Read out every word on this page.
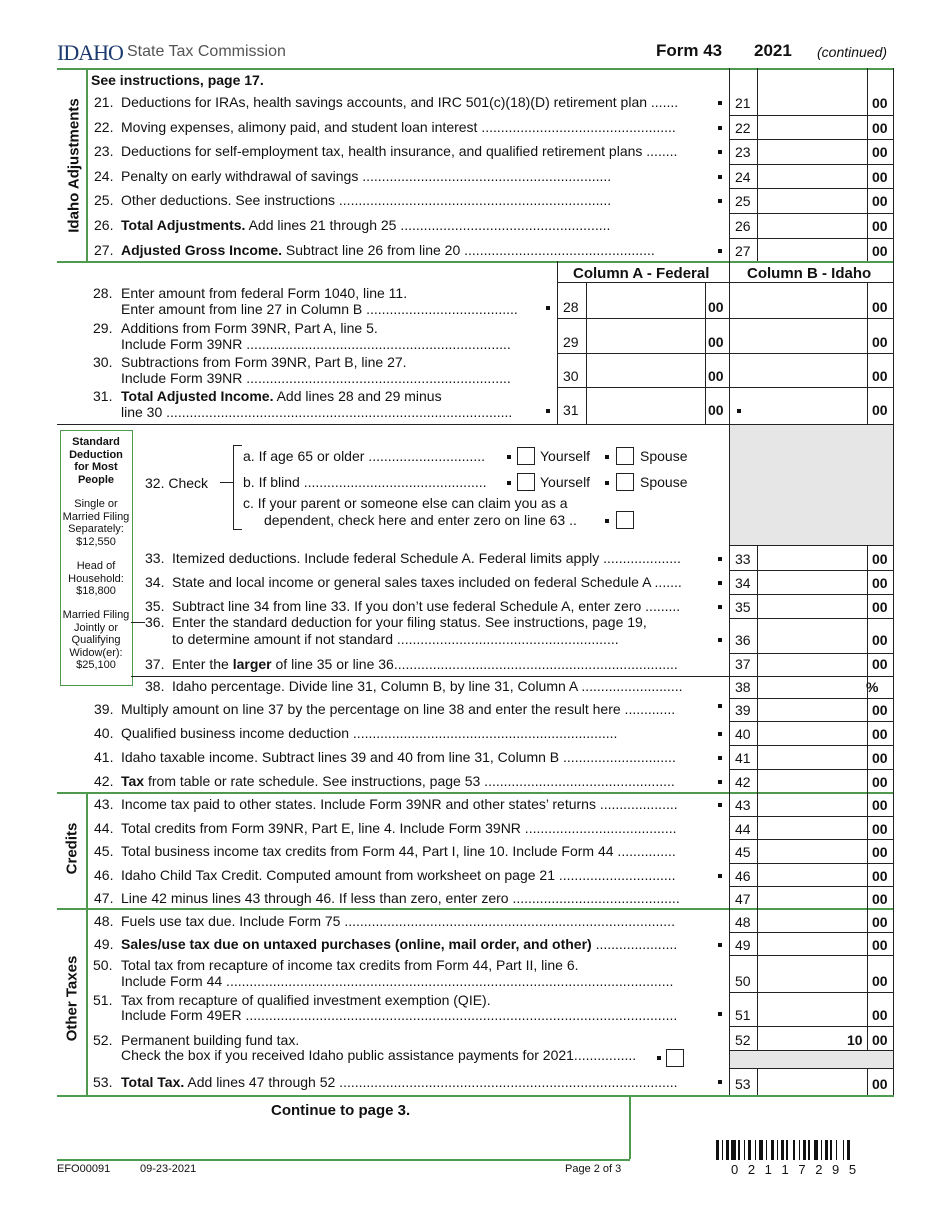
IDAHO State Tax Commission	Form 43 2021 (continued)
Idaho Adjustments
Credits
Other Taxes
See instructions, page 17.
21. Deductions for IRAs, health savings accounts, and IRC 501(c)(18)(D) retirement plan .......	21	00
22. Moving expenses, alimony paid, and student loan interest ..................................................	22	00
23. Deductions for self-employment tax, health insurance, and qualified retirement plans ........	23	00
24. Penalty on early withdrawal of savings ................................................................	24	00
25. Other deductions. See instructions ......................................................................	25	00
26. Total Adjustments. Add lines 21 through 25 ......................................................	26	00
27. Adjusted Gross Income. Subtract line 26 from line 20 .................................................	27	00
Column A - Federal	Column B - Idaho
28. Enter amount from federal Form 1040, line 11.
Enter amount from line 27 in Column B .......................................	28	00	00
29. Additions from Form 39NR, Part A, line 5.
Include Form 39NR ....................................................................	29	00	00
30. Subtractions from Form 39NR, Part B, line 27.
Include Form 39NR ....................................................................	30	00	00
31. Total Adjusted Income. Add lines 28 and 29 minus
line 30 .........................................................................................	31	00	00
Standard Deduction for Most People
Single or Married Filing Separately: $12,550
Head of Household: $18,800
Married Filing Jointly or Qualifying Widow(er): $25,100
32. Check
a. If age 65 or older ..............................	Yourself	Spouse
b. If blind ...............................................	Yourself	Spouse
c. If your parent or someone else can claim you as a
dependent, check here and enter zero on line 63 ..
33. Itemized deductions. Include federal Schedule A. Federal limits apply ....................	33	00
34. State and local income or general sales taxes included on federal Schedule A .......	34	00
35. Subtract line 34 from line 33. If you don’t use federal Schedule A, enter zero .........	35	00
36. Enter the standard deduction for your filing status. See instructions, page 19,
to determine amount if not standard .........................................................	36	00
37. Enter the larger of line 35 or line 36.........................................................................	37	00
38. Idaho percentage. Divide line 31, Column B, by line 31, Column A ..........................	38	%
39. Multiply amount on line 37 by the percentage on line 38 and enter the result here .............	39	00
40. Qualified business income deduction ....................................................................	40	00
41. Idaho taxable income. Subtract lines 39 and 40 from line 31, Column B .............................	41	00
42. Tax from table or rate schedule. See instructions, page 53 .................................................	42	00
43. Income tax paid to other states. Include Form 39NR and other states’ returns ....................	43	00
44. Total credits from Form 39NR, Part E, line 4. Include Form 39NR .......................................	44	00
45. Total business income tax credits from Form 44, Part I, line 10. Include Form 44 ...............	45	00
46. Idaho Child Tax Credit. Computed amount from worksheet on page 21 ..............................	46	00
47. Line 42 minus lines 43 through 46. If less than zero, enter zero ...........................................	47	00
48. Fuels use tax due. Include Form 75 .....................................................................................	48	00
49. Sales/use tax due on untaxed purchases (online, mail order, and other) .....................	49	00
50. Total tax from recapture of income tax credits from Form 44, Part II, line 6.
Include Form 44 ...................................................................................................................	50	00
51. Tax from recapture of qualified investment exemption (QIE).
Include Form 49ER ...............................................................................................................	51	00
52. Permanent building fund tax.
Check the box if you received Idaho public assistance payments for 2021................
52	10 00
53. Total Tax. Add lines 47 through 52 .......................................................................................	53	00
Continue to page 3.
0 2 1 1 7 2 9 5
EFO00091	09-23-2021	Page 2 of 3
